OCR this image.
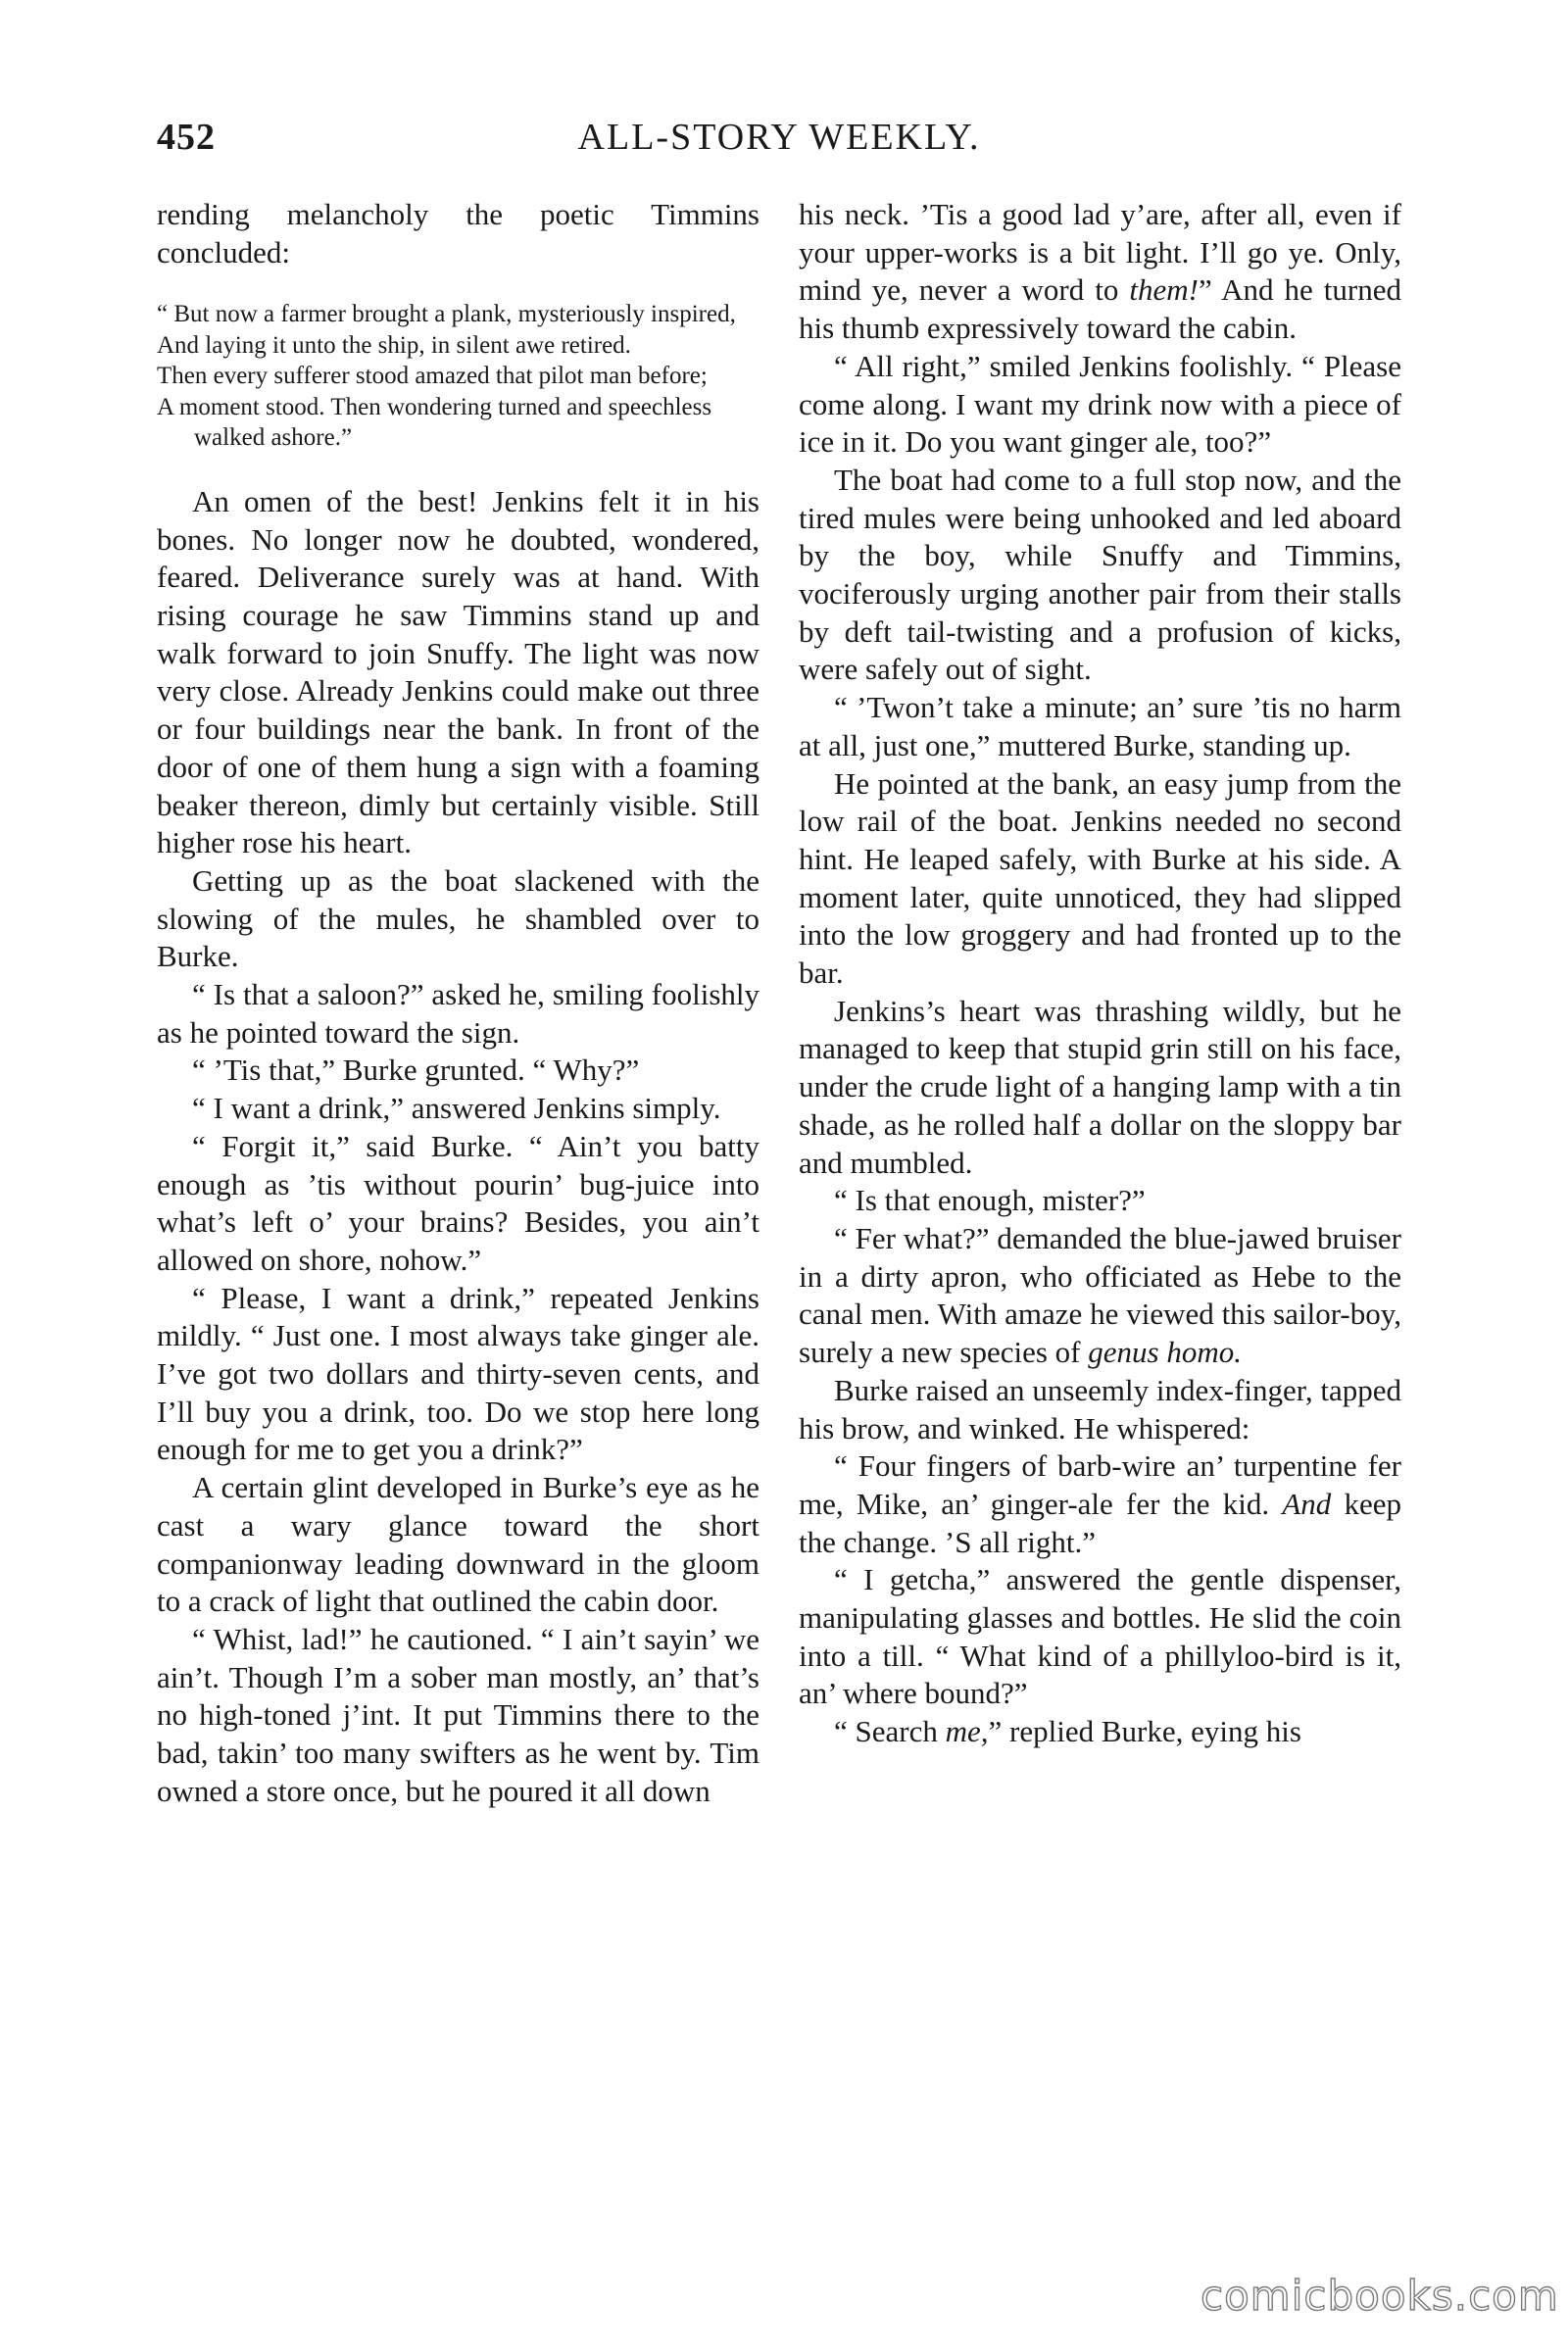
452	ALL-STORY WEEKLY.

rending melancholy the poetic Timmins concluded:

“ But now a farmer brought a plank, mysteriously inspired,

And laying it unto the ship, in silent awe retired.

Then every sufferer stood amazed that pilot man before;

A moment stood. Then wondering turned and speechless walked ashore.”

An omen of the best! Jenkins felt it in his bones. No longer now he doubted, wondered, feared. Deliverance surely was at hand. With rising courage he saw Timmins stand up and walk forward to join Snuffy. The light was now very close. Already Jenkins could make out three or four buildings near the bank. In front of the door of one of them hung a sign with a foaming beaker thereon, dimly but certainly visible. Still higher rose his heart.

Getting up as the boat slackened with the slowing of the mules, he shambled over to Burke.

“ Is that a saloon?” asked he, smiling foolishly as he pointed toward the sign.

“ ’Tis that,” Burke grunted. “ Why?”

“ I want a drink,” answered Jenkins simply.

“ Forgit it,” said Burke. “ Ain’t you batty enough as ’tis without pourin’ bug-juice into what’s left o’ your brains? Besides, you ain’t allowed on shore, nohow.”

“ Please, I want a drink,” repeated Jenkins mildly. “ Just one. I most always take ginger ale. I’ve got two dollars and thirty-seven cents, and I’ll buy you a drink, too. Do we stop here long enough for me to get you a drink?”

A certain glint developed in Burke’s eye as he cast a wary glance toward the short companionway leading downward in the gloom to a crack of light that outlined the cabin door.

“ Whist, lad!” he cautioned. “ I ain’t sayin’ we ain’t. Though I’m a sober man mostly, an’ that’s no high-toned j’int. It put Timmins there to the bad, takin’ too many swifters as he went by. Tim owned a store once, but he poured it all down

his neck. ’Tis a good lad y’are, after all, even if your upper-works is a bit light. I’ll go ye. Only, mind ye, never a word to them!” And he turned his thumb expressively toward the cabin.

“ All right,” smiled Jenkins foolishly. “ Please come along. I want my drink now with a piece of ice in it. Do you want ginger ale, too?”

The boat had come to a full stop now, and the tired mules were being unhooked and led aboard by the boy, while Snuffy and Timmins, vociferously urging another pair from their stalls by deft tail-twisting and a profusion of kicks, were safely out of sight.

“ ’Twon’t take a minute; an’ sure ’tis no harm at all, just one,” muttered Burke, standing up.

He pointed at the bank, an easy jump from the low rail of the boat. Jenkins needed no second hint. He leaped safely, with Burke at his side. A moment later, quite unnoticed, they had slipped into the low groggery and had fronted up to the bar.

Jenkins’s heart was thrashing wildly, but he managed to keep that stupid grin still on his face, under the crude light of a hanging lamp with a tin shade, as he rolled half a dollar on the sloppy bar and mumbled.

“ Is that enough, mister?”

“ Fer what?” demanded the blue-jawed bruiser in a dirty apron, who officiated as Hebe to the canal men. With amaze he viewed this sailor-boy, surely a new species of genus homo.

Burke raised an unseemly index-finger, tapped his brow, and winked. He whispered:

“ Four fingers of barb-wire an’ turpentine fer me, Mike, an’ ginger-ale fer the kid. And keep the change. ’S all right.”

“ I getcha,” answered the gentle dispenser, manipulating glasses and bottles. He slid the coin into a till. “ What kind of a phillyloo-bird is it, an’ where bound?”

“ Search me,” replied Burke, eying his

comicbooks.com
